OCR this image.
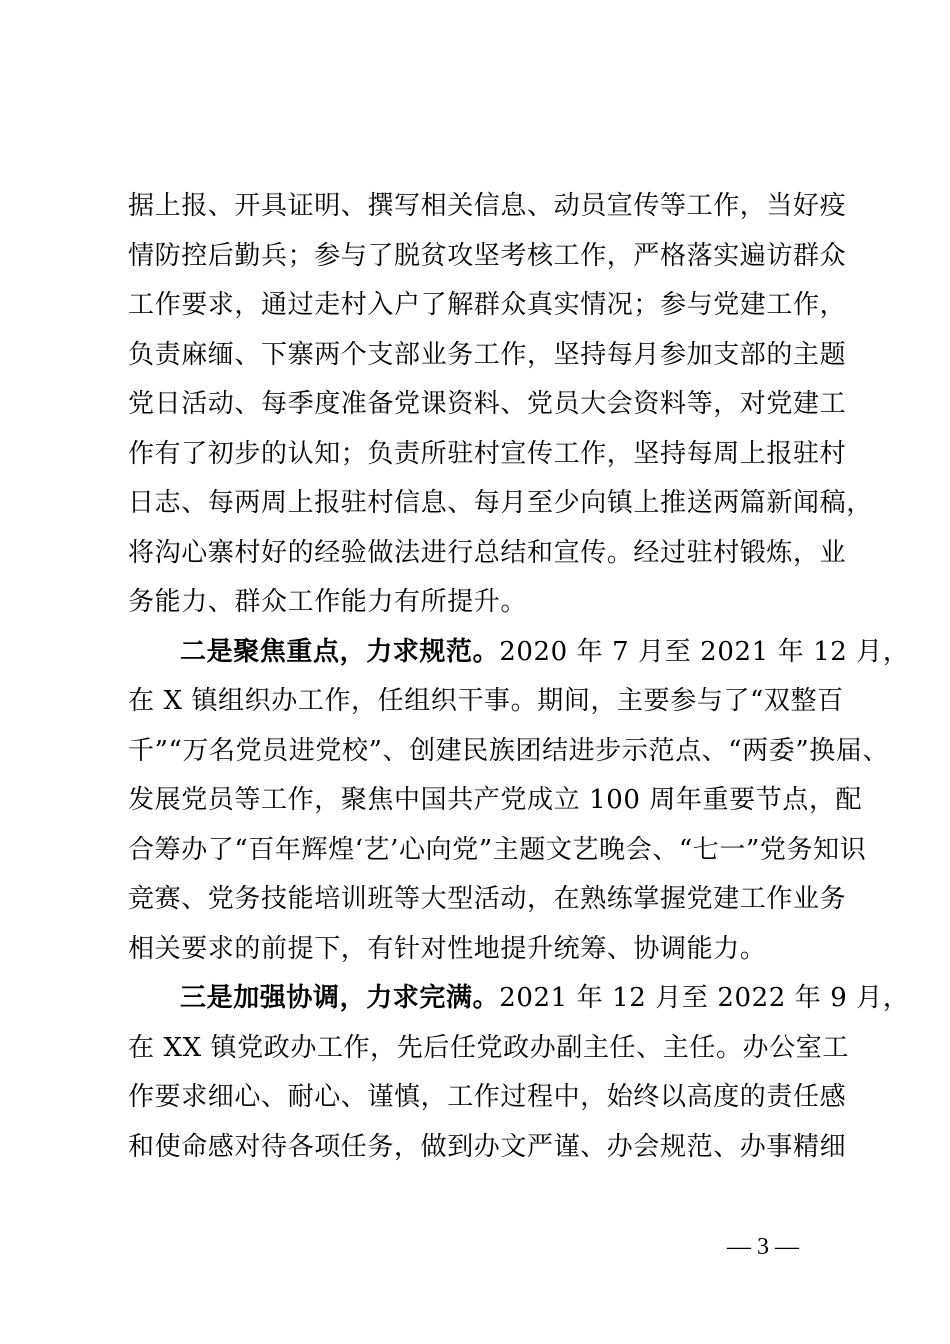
据上报、开具证明、撰写相关信息、动员宣传等工作，当好疫
情防控后勤兵；参与了脱贫攻坚考核工作，严格落实遍访群众
工作要求，通过走村入户了解群众真实情况；参与党建工作，
负责麻缅、下寨两个支部业务工作，坚持每月参加支部的主题
党日活动、每季度准备党课资料、党员大会资料等，对党建工
作有了初步的认知；负责所驻村宣传工作，坚持每周上报驻村
日志、每两周上报驻村信息、每月至少向镇上推送两篇新闻稿，
将沟心寨村好的经验做法进行总结和宣传。经过驻村锻炼，业
务能力、群众工作能力有所提升。
二是聚焦重点，力求规范。2020 年 7 月至 2021 年 12 月，
在 X 镇组织办工作，任组织干事。期间，主要参与了“双整百
千”“万名党员进党校”、创建民族团结进步示范点、“两委”换届、
发展党员等工作，聚焦中国共产党成立 100 周年重要节点，配
合筹办了“百年辉煌‘艺’心向党”主题文艺晚会、“七一”党务知识
竞赛、党务技能培训班等大型活动，在熟练掌握党建工作业务
相关要求的前提下，有针对性地提升统筹、协调能力。
三是加强协调，力求完满。2021 年 12 月至 2022 年 9 月，
在 XX 镇党政办工作，先后任党政办副主任、主任。办公室工
作要求细心、耐心、谨慎，工作过程中，始终以高度的责任感
和使命感对待各项任务，做到办文严谨、办会规范、办事精细
— 3 —
